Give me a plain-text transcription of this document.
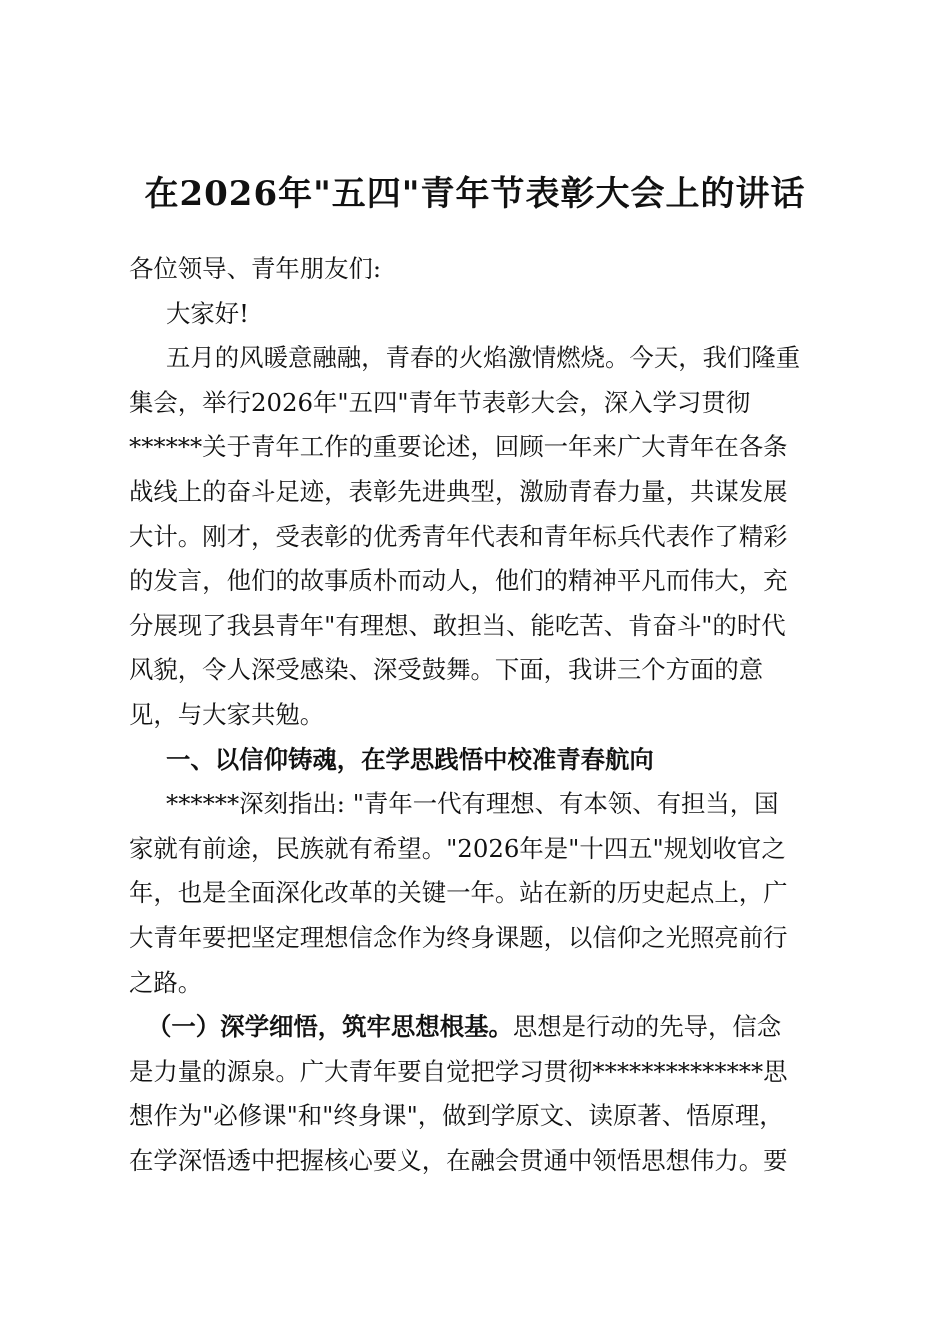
在2026年"五四"青年节表彰大会上的讲话
各位领导、青年朋友们:
大家好!
五月的风暖意融融，青春的火焰激情燃烧。今天，我们隆重
集会，举行2026年"五四"青年节表彰大会，深入学习贯彻
******关于青年工作的重要论述，回顾一年来广大青年在各条
战线上的奋斗足迹，表彰先进典型，激励青春力量，共谋发展
大计。刚才，受表彰的优秀青年代表和青年标兵代表作了精彩
的发言，他们的故事质朴而动人，他们的精神平凡而伟大，充
分展现了我县青年"有理想、敢担当、能吃苦、肯奋斗"的时代
风貌，令人深受感染、深受鼓舞。下面，我讲三个方面的意
见，与大家共勉。
一、以信仰铸魂，在学思践悟中校准青春航向
******深刻指出: "青年一代有理想、有本领、有担当，国
家就有前途，民族就有希望。"2026年是"十四五"规划收官之
年，也是全面深化改革的关键一年。站在新的历史起点上，广
大青年要把坚定理想信念作为终身课题，以信仰之光照亮前行
之路。
（一）深学细悟，筑牢思想根基。思想是行动的先导，信念
是力量的源泉。广大青年要自觉把学习贯彻**************思
想作为"必修课"和"终身课"，做到学原文、读原著、悟原理，
在学深悟透中把握核心要义，在融会贯通中领悟思想伟力。要
